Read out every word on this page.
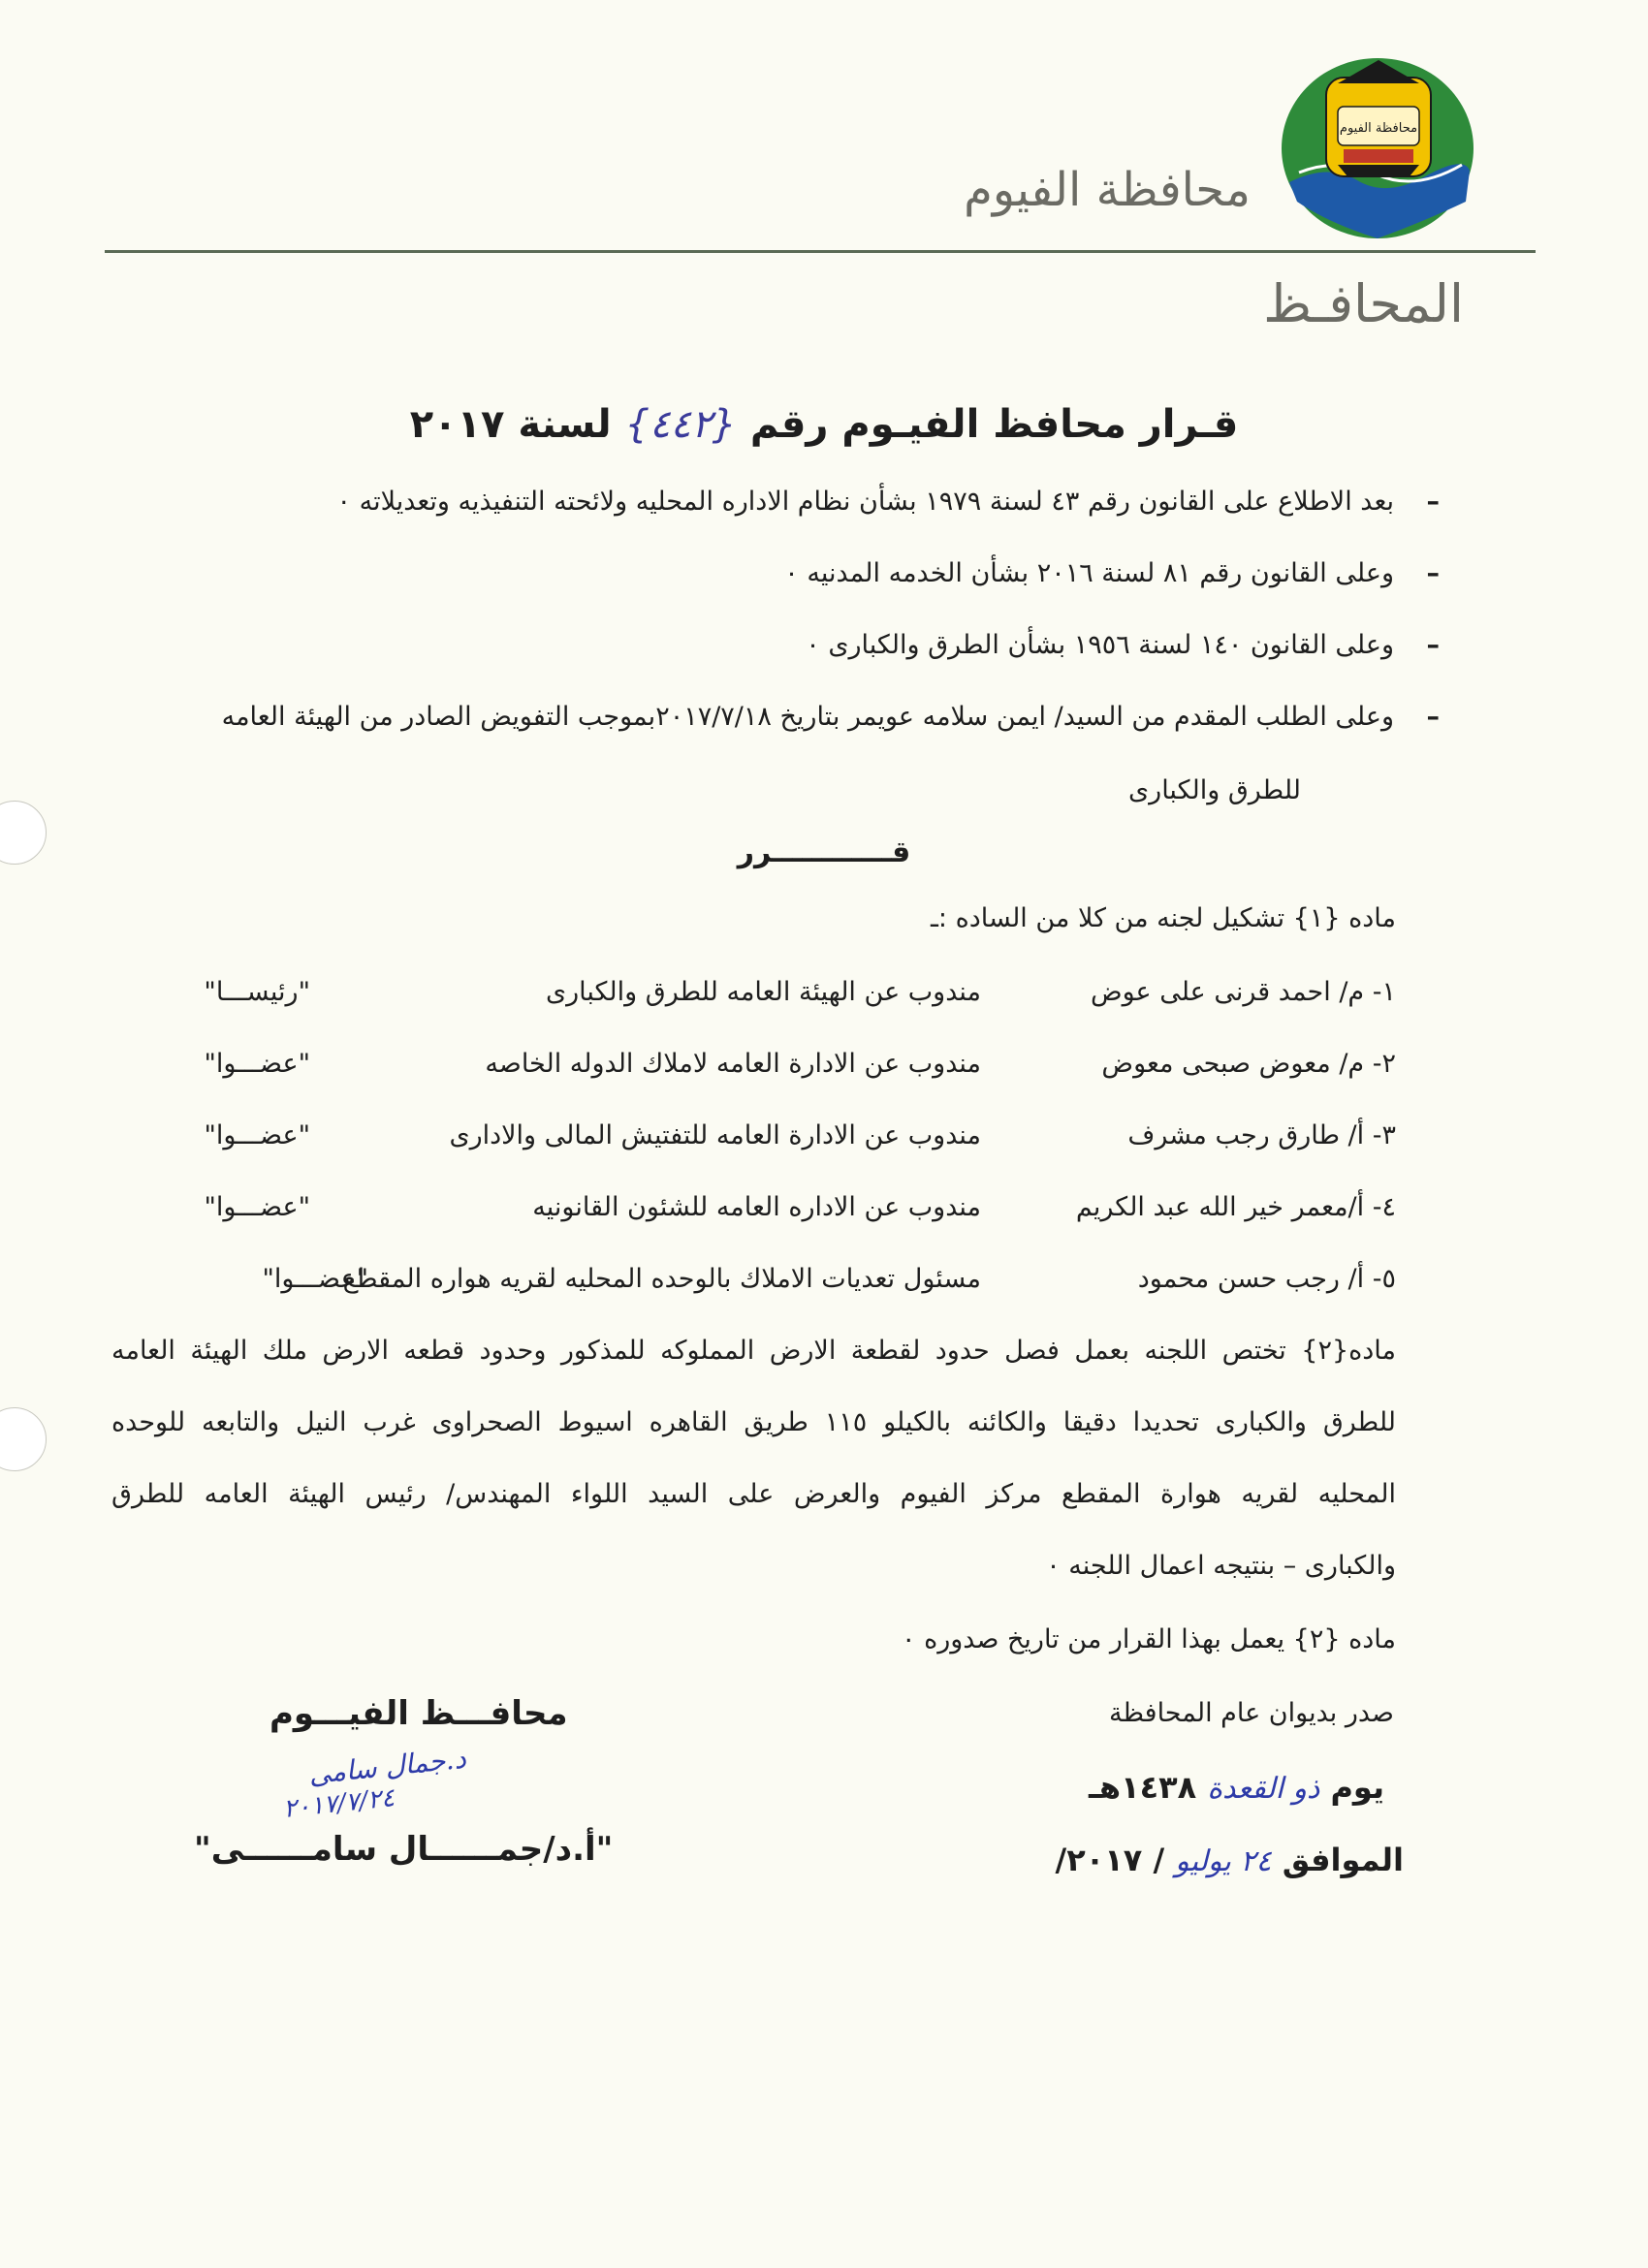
محافظة الفيوم
محافظة الفيوم
المحافـظ
قـرار محافظ الفيـوم رقم {٤٤٢} لسنة ٢٠١٧
–
بعد الاطلاع على القانون رقم ٤٣ لسنة ١٩٧٩ بشأن نظام الاداره المحليه ولائحته التنفيذيه وتعديلاته ٠
–
وعلى القانون رقم ٨١ لسنة ٢٠١٦ بشأن الخدمه المدنيه ٠
–
وعلى القانون ١٤٠ لسنة ١٩٥٦ بشأن الطرق والكبارى ٠
–
وعلى الطلب المقدم من السيد/ ايمن سلامه عويمر بتاريخ ٢٠١٧/٧/١٨بموجب التفويض الصادر من الهيئة العامه
للطرق والكبارى
قــــــــــــرر
ماده {١} تشكيل لجنه من كلا من الساده :ـ
١- م/ احمد قرنى على عوض
مندوب عن الهيئة العامه للطرق والكبارى
"رئيســـا"
٢- م/ معوض صبحى معوض
مندوب عن الادارة العامه لاملاك الدوله الخاصه
"عضـــوا"
٣- أ/ طارق رجب مشرف
مندوب عن الادارة العامه للتفتيش المالى والادارى
"عضـــوا"
٤- أ/معمر خير الله عبد الكريم
مندوب عن الاداره العامه للشئون القانونيه
"عضـــوا"
٥- أ/ رجب حسن محمود
مسئول تعديات الاملاك بالوحده المحليه لقريه هواره المقطع
"عضـــوا"
ماده{٢} تختص اللجنه بعمل فصل حدود لقطعة الارض المملوكه للمذكور وحدود قطعه الارض ملك الهيئة العامه
للطرق والكبارى تحديدا دقيقا والكائنه بالكيلو ١١٥ طريق القاهره اسيوط الصحراوى غرب النيل والتابعه للوحده
المحليه لقريه هوارة المقطع مركز الفيوم والعرض على السيد اللواء المهندس/ رئيس الهيئة العامه للطرق
والكبارى – بنتيجه اعمال اللجنه ٠
ماده {٢} يعمل بهذا القرار من تاريخ صدوره ٠
صدر بديوان عام المحافظة
يوم ذو القعدة ١٤٣٨هـ
الموافق ٢٤ يوليو / ٢٠١٧/
محافـــظ الفيـــوم
د.جمال سامى
٢٠١٧/٧/٢٤
"أ.د/جمــــــال سامــــــى"
